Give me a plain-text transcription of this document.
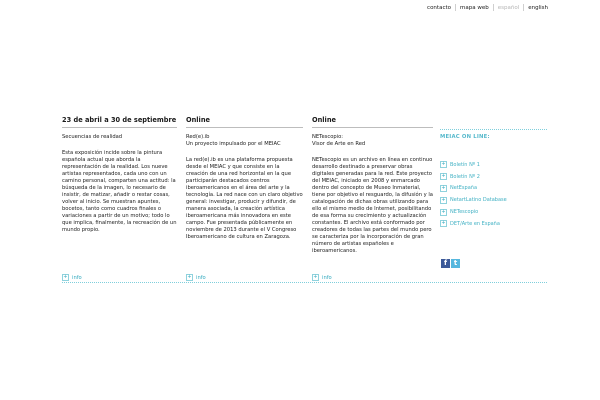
contacto mapa web español english
23 de abril a 30 de septiembre
Secuencias de realidad
Esta exposición incide sobre la pintura española actual que aborda la representación de la realidad. Los nueve artistas representados, cada uno con un camino personal, comparten una actitud: la búsqueda de la imagen, lo necesario de insistir, de matizar, añadir o restar cosas, volver al inicio. Se muestran apuntes, bocetos, tanto como cuadros finales o variaciones a partir de un motivo; todo lo que implica, finalmente, la recreación de un mundo propio.
Online
Red(e).ib
Un proyecto impulsado por el MEIAC
La red(e).ib es una plataforma propuesta desde el MEIAC y que consiste en la creación de una red horizontal en la que participarán destacados centros iberoamericanos en el área del arte y la tecnología. La red nace con un claro objetivo general: investigar, producir y difundir, de manera asociada, la creación artística iberoamericana más innovadora en este campo. Fue presentada públicamente en noviembre de 2013 durante el V Congreso Iberoamericano de cultura en Zaragoza.
Online
NETescopio:
Visor de Arte en Red
NETescopio es un archivo en línea en continuo desarrollo destinado a preservar obras digitales generadas para la red. Este proyecto del MEIAC, iniciado en 2008 y enmarcado dentro del concepto de Museo Inmaterial, tiene por objetivo el resguardo, la difusión y la catalogación de dichas obras utilizando para ello el mismo medio de Internet, posibilitando de esa forma su crecimiento y actualización constantes. El archivo está conformado por creadores de todas las partes del mundo pero se caracteriza por la incorporación de gran número de artistas españoles e iberoamericanos.
+ info	+ info	+ info
MEIAC ON LINE:
+ Boletín Nº 1
+ Boletín Nº 2
+ NetEspaña
+ NetartLatino Database
+ NETescopio
+ DET/Arte en España
f t
